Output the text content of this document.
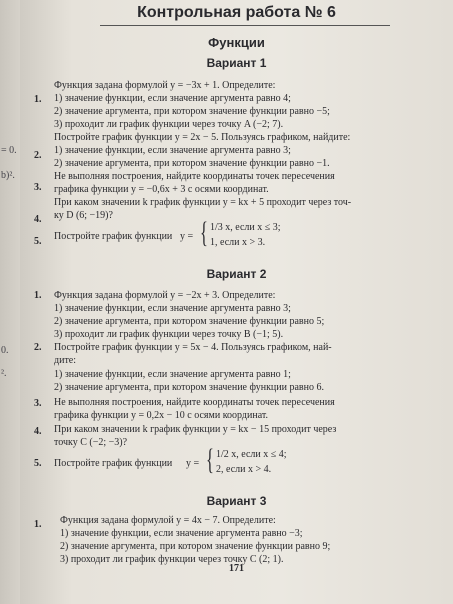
= 0.
b)².
0.
².
Контрольная работа № 6
Функции
Вариант 1
1.
2.
3.
4.
5.
Функция задана формулой y = −3x + 1. Определите:
1) значение функции, если значение аргумента равно 4;
2) значение аргумента, при котором значение функции равно −5;
3) проходит ли график функции через точку A (−2; 7).
Постройте график функции y = 2x − 5. Пользуясь графиком, найдите:
1) значение функции, если значение аргумента равно 3;
2) значение аргумента, при котором значение функции равно −1.
Не выполняя построения, найдите координаты точек пересечения
графика функции y = −0,6x + 3 с осями координат.
При каком значении k график функции y = kx + 5 проходит через точ-
ку D (6; −19)?
Постройте график функции y = { 1/3 x, если x ≤ 3;
1, если x > 3.
Вариант 2
1.
2.
3.
4.
5.
Функция задана формулой y = −2x + 3. Определите:
1) значение функции, если значение аргумента равно 3;
2) значение аргумента, при котором значение функции равно 5;
3) проходит ли график функции через точку B (−1; 5).
Постройте график функции y = 5x − 4. Пользуясь графиком, най-
дите:
1) значение функции, если значение аргумента равно 1;
2) значение аргумента, при котором значение функции равно 6.
Не выполняя построения, найдите координаты точек пересечения
графика функции y = 0,2x − 10 с осями координат.
При каком значении k график функции y = kx − 15 проходит через
точку C (−2; −3)?
Постройте график функции y = { 1/2 x, если x ≤ 4;
2, если x > 4.
Вариант 3
1. Функция задана формулой y = 4x − 7. Определите:
1) значение функции, если значение аргумента равно −3;
2) значение аргумента, при котором значение функции равно 9;
3) проходит ли график функции через точку C (2; 1).
171
